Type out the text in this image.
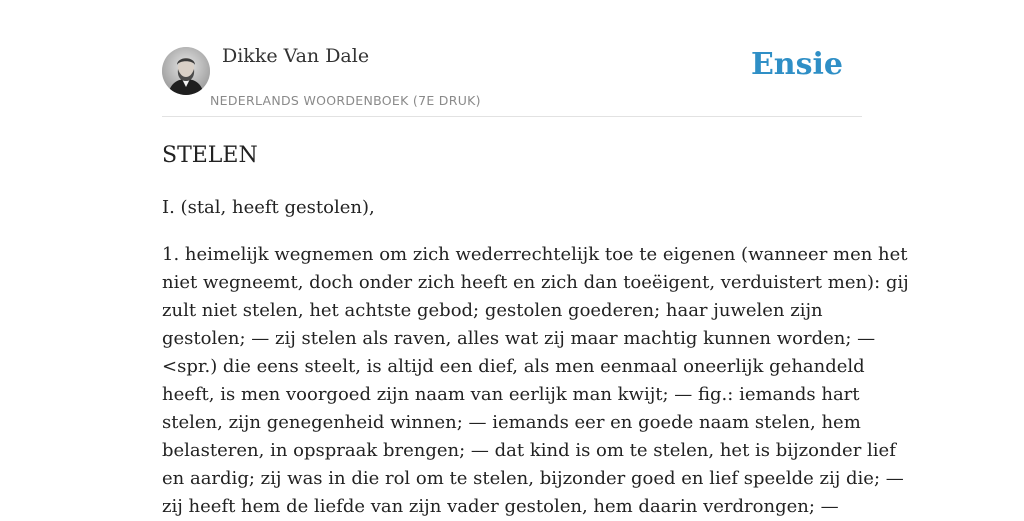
Dikke Van Dale
NEDERLANDS WOORDENBOEK (7E DRUK)
Ensie
STELEN

I. (stal, heeft gestolen),

1. heimelijk wegnemen om zich wederrechtelijk toe te eigenen (wanneer men het
niet wegneemt, doch onder zich heeft en zich dan toeëigent, verduistert men): gij
zult niet stelen, het achtste gebod; gestolen goederen; haar juwelen zijn
gestolen; — zij stelen als raven, alles wat zij maar machtig kunnen worden; —
<spr.) die eens steelt, is altijd een dief, als men eenmaal oneerlijk gehandeld
heeft, is men voorgoed zijn naam van eerlijk man kwijt; — fig.: iemands hart
stelen, zijn genegenheid winnen; — iemands eer en goede naam stelen, hem
belasteren, in opspraak brengen; — dat kind is om te stelen, het is bijzonder lief
en aardig; zij was in die rol om te stelen, bijzonder goed en lief speelde zij die; —
zij heeft hem de liefde van zijn vader gestolen, hem daarin verdrongen; —
